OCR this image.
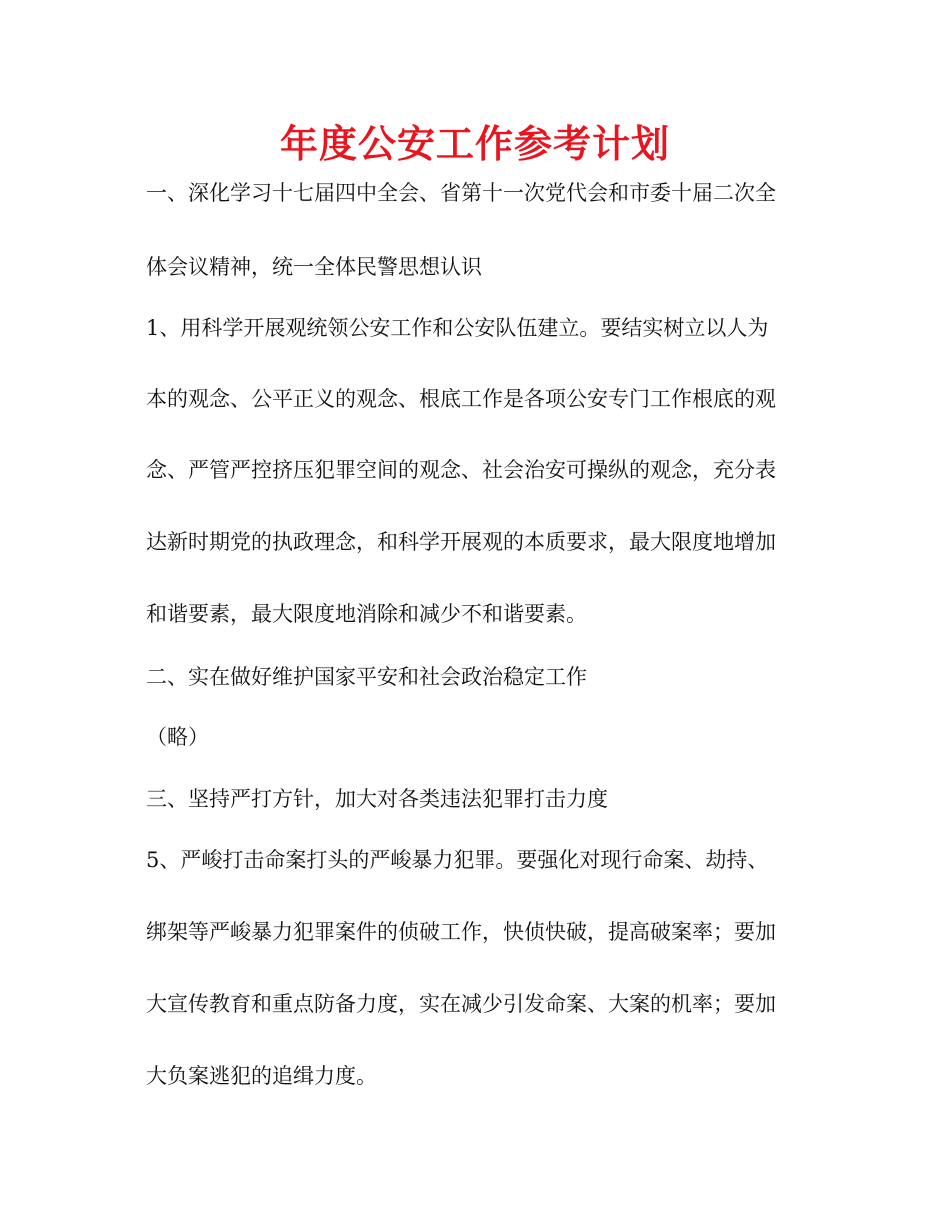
年度公安工作参考计划

一、深化学习十七届四中全会、省第十一次党代会和市委十届二次全

体会议精神，统一全体民警思想认识

1、用科学开展观统领公安工作和公安队伍建立。要结实树立以人为

本的观念、公平正义的观念、根底工作是各项公安专门工作根底的观

念、严管严控挤压犯罪空间的观念、社会治安可操纵的观念，充分表

达新时期党的执政理念，和科学开展观的本质要求，最大限度地增加

和谐要素，最大限度地消除和减少不和谐要素。

二、实在做好维护国家平安和社会政治稳定工作

（略）

三、坚持严打方针，加大对各类违法犯罪打击力度

5、严峻打击命案打头的严峻暴力犯罪。要强化对现行命案、劫持、

绑架等严峻暴力犯罪案件的侦破工作，快侦快破，提高破案率；要加

大宣传教育和重点防备力度，实在减少引发命案、大案的机率；要加

大负案逃犯的追缉力度。
